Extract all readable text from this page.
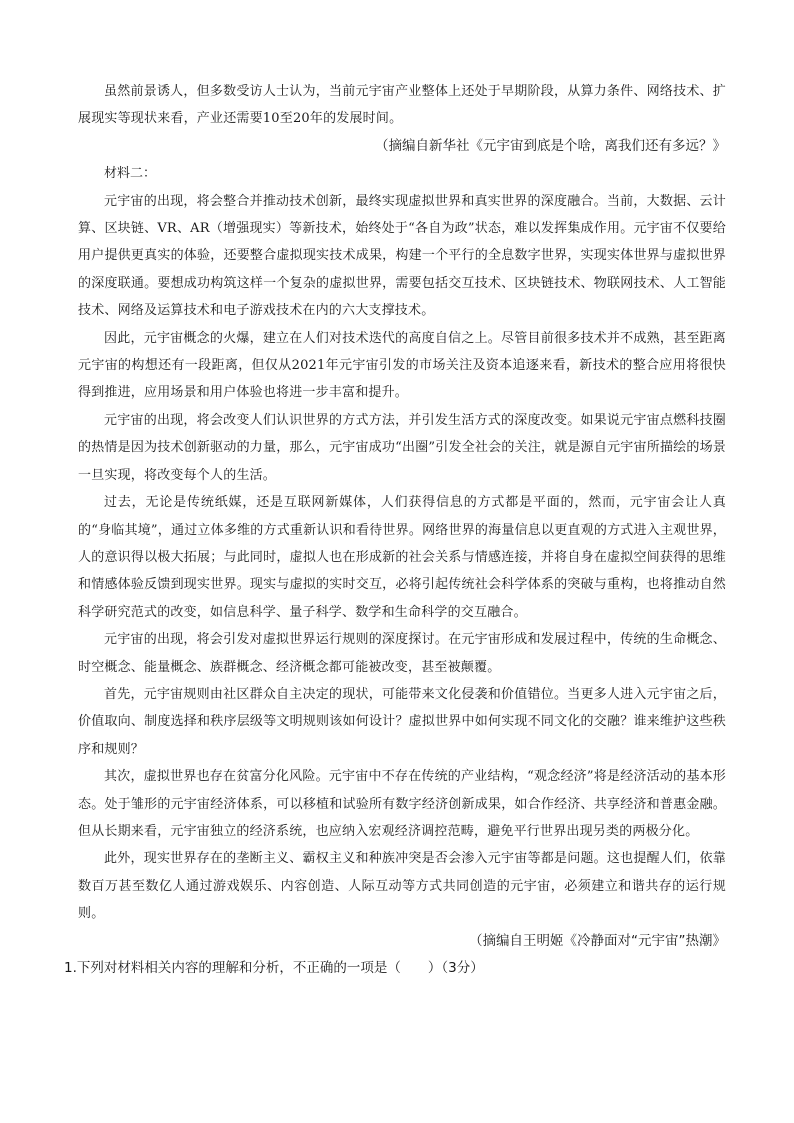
虽然前景诱人，但多数受访人士认为，当前元宇宙产业整体上还处于早期阶段，从算力条件、网络技术、扩展现实等现状来看，产业还需要10至20年的发展时间。

（摘编自新华社《元宇宙到底是个啥，离我们还有多远？》

材料二：

元宇宙的出现，将会整合并推动技术创新，最终实现虚拟世界和真实世界的深度融合。当前，大数据、云计算、区块链、VR、AR（增强现实）等新技术，始终处于“各自为政”状态，难以发挥集成作用。元宇宙不仅要给用户提供更真实的体验，还要整合虚拟现实技术成果，构建一个平行的全息数字世界，实现实体世界与虚拟世界的深度联通。要想成功构筑这样一个复杂的虚拟世界，需要包括交互技术、区块链技术、物联网技术、人工智能技术、网络及运算技术和电子游戏技术在内的六大支撑技术。

因此，元宇宙概念的火爆，建立在人们对技术迭代的高度自信之上。尽管目前很多技术并不成熟，甚至距离元宇宙的构想还有一段距离，但仅从2021年元宇宙引发的市场关注及资本追逐来看，新技术的整合应用将很快得到推进，应用场景和用户体验也将进一步丰富和提升。

元宇宙的出现，将会改变人们认识世界的方式方法，并引发生活方式的深度改变。如果说元宇宙点燃科技圈的热情是因为技术创新驱动的力量，那么，元宇宙成功“出圈”引发全社会的关注，就是源自元宇宙所描绘的场景一旦实现，将改变每个人的生活。

过去，无论是传统纸媒，还是互联网新媒体，人们获得信息的方式都是平面的，然而，元宇宙会让人真的“身临其境”，通过立体多维的方式重新认识和看待世界。网络世界的海量信息以更直观的方式进入主观世界，人的意识得以极大拓展；与此同时，虚拟人也在形成新的社会关系与情感连接，并将自身在虚拟空间获得的思维和情感体验反馈到现实世界。现实与虚拟的实时交互，必将引起传统社会科学体系的突破与重构，也将推动自然科学研究范式的改变，如信息科学、量子科学、数学和生命科学的交互融合。

元宇宙的出现，将会引发对虚拟世界运行规则的深度探讨。在元宇宙形成和发展过程中，传统的生命概念、时空概念、能量概念、族群概念、经济概念都可能被改变，甚至被颠覆。

首先，元宇宙规则由社区群众自主决定的现状，可能带来文化侵袭和价值错位。当更多人进入元宇宙之后，价值取向、制度选择和秩序层级等文明规则该如何设计？虚拟世界中如何实现不同文化的交融？谁来维护这些秩序和规则？

其次，虚拟世界也存在贫富分化风险。元宇宙中不存在传统的产业结构，“观念经济”将是经济活动的基本形态。处于雏形的元宇宙经济体系，可以移植和试验所有数字经济创新成果，如合作经济、共享经济和普惠金融。但从长期来看，元宇宙独立的经济系统，也应纳入宏观经济调控范畴，避免平行世界出现另类的两极分化。

此外，现实世界存在的垄断主义、霸权主义和种族冲突是否会渗入元宇宙等都是问题。这也提醒人们，依靠数百万甚至数亿人通过游戏娱乐、内容创造、人际互动等方式共同创造的元宇宙，必须建立和谐共存的运行规则。

（摘编自王明姬《冷静面对“元宇宙”热潮》

1.下列对材料相关内容的理解和分析，不正确的一项是（　　）（3分）
